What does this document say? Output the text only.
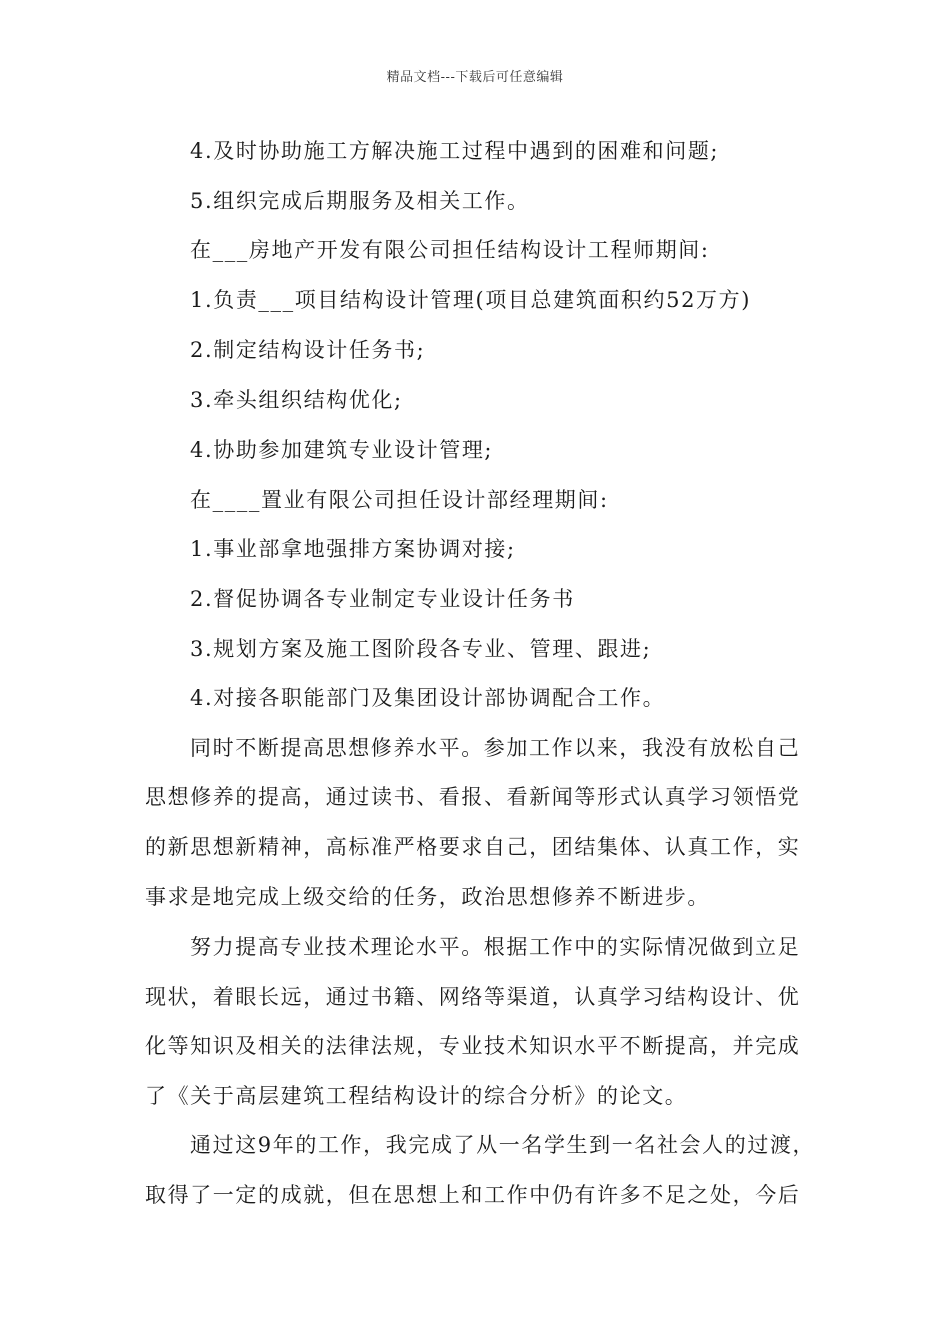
精品文档---下载后可任意编辑
4.及时协助施工方解决施工过程中遇到的困难和问题;
5.组织完成后期服务及相关工作。
在___房地产开发有限公司担任结构设计工程师期间:
1.负责___项目结构设计管理(项目总建筑面积约52万方)
2.制定结构设计任务书;
3.牵头组织结构优化;
4.协助参加建筑专业设计管理;
在____置业有限公司担任设计部经理期间:
1.事业部拿地强排方案协调对接;
2.督促协调各专业制定专业设计任务书
3.规划方案及施工图阶段各专业、管理、跟进;
4.对接各职能部门及集团设计部协调配合工作。
同时不断提高思想修养水平。参加工作以来，我没有放松自己
思想修养的提高，通过读书、看报、看新闻等形式认真学习领悟党
的新思想新精神，高标准严格要求自己，团结集体、认真工作，实
事求是地完成上级交给的任务，政治思想修养不断进步。
努力提高专业技术理论水平。根据工作中的实际情况做到立足
现状，着眼长远，通过书籍、网络等渠道，认真学习结构设计、优
化等知识及相关的法律法规，专业技术知识水平不断提高，并完成
了《关于高层建筑工程结构设计的综合分析》的论文。
通过这9年的工作，我完成了从一名学生到一名社会人的过渡，
取得了一定的成就，但在思想上和工作中仍有许多不足之处，今后
